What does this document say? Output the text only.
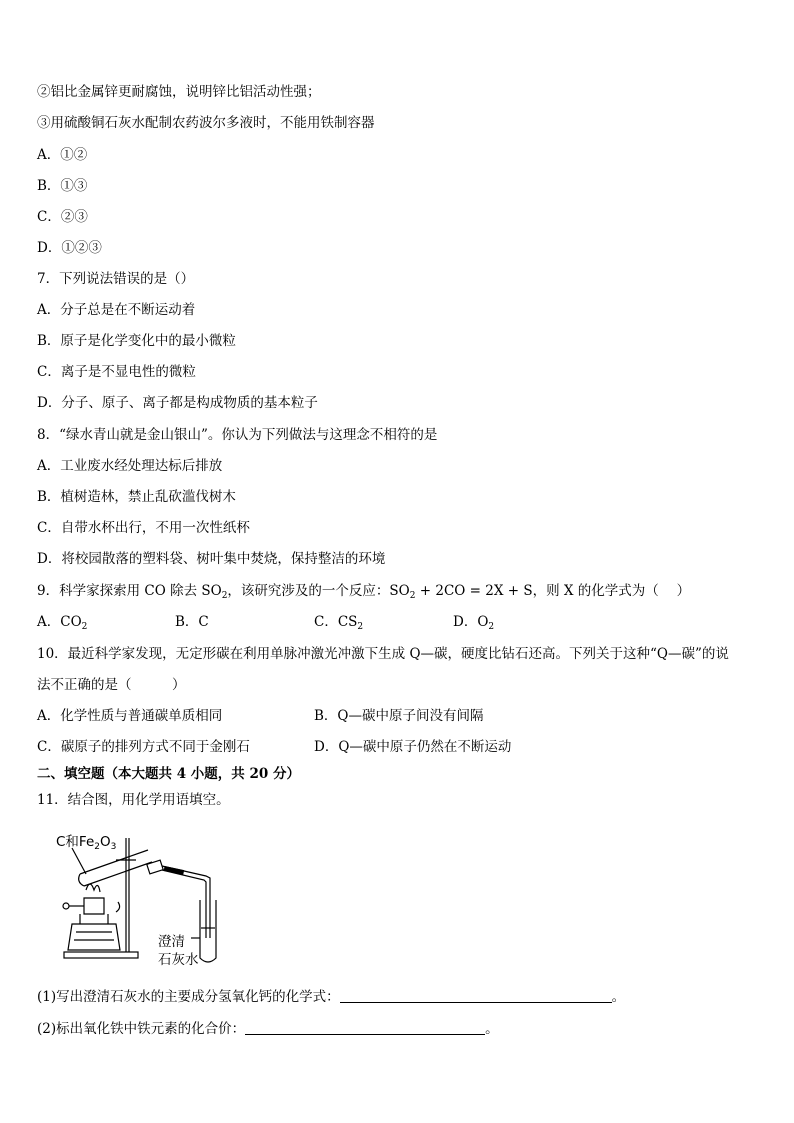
②铝比金属锌更耐腐蚀，说明锌比铝活动性强；
③用硫酸铜石灰水配制农药波尔多液时，不能用铁制容器
A．①②
B．①③
C．②③
D．①②③
7．下列说法错误的是（）
A．分子总是在不断运动着
B．原子是化学变化中的最小微粒
C．离子是不显电性的微粒
D．分子、原子、离子都是构成物质的基本粒子
8．“绿水青山就是金山银山”。你认为下列做法与这理念不相符的是
A．工业废水经处理达标后排放
B．植树造林，禁止乱砍滥伐树木
C．自带水杯出行，不用一次性纸杯
D．将校园散落的塑料袋、树叶集中焚烧，保持整洁的环境
9．科学家探索用 CO 除去 $SO_2$，该研究涉及的一个反应：$SO_2 + 2CO = 2X + S$，则 X 的化学式为（　 ）
A．$CO_2$	B．C	C．$CS_2$	D．$O_2$
10．最近科学家发现，无定形碳在利用单脉冲激光冲激下生成 Q—碳，硬度比钻石还高。下列关于这种“Q—碳”的说
法不正确的是（　　　）
A．化学性质与普通碳单质相同	B．Q—碳中原子间没有间隔
C．碳原子的排列方式不同于金刚石	D．Q—碳中原子仍然在不断运动
二、填空题（本大题共 4 小题，共 20 分）
11．结合图，用化学用语填空。
C和$Fe_2O_3$
澄清
石灰水
(1)写出澄清石灰水的主要成分氢氧化钙的化学式：	。
(2)标出氧化铁中铁元素的化合价：	。
